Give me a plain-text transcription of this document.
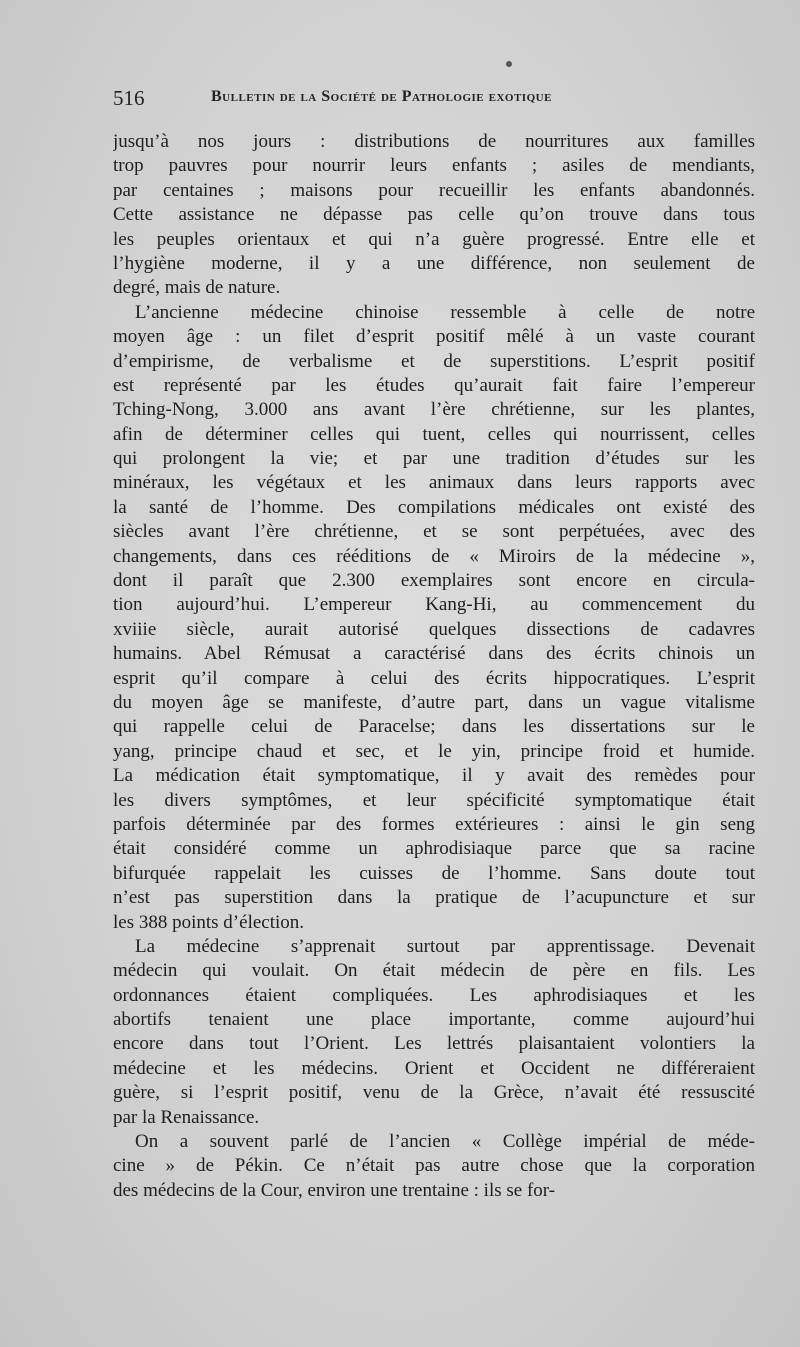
516	Bulletin de la Société de Pathologie exotique
jusqu’à nos jours : distributions de nourritures aux familles
trop pauvres pour nourrir leurs enfants ; asiles de mendiants,
par centaines ; maisons pour recueillir les enfants abandonnés.
Cette assistance ne dépasse pas celle qu’on trouve dans tous
les peuples orientaux et qui n’a guère progressé. Entre elle et
l’hygiène moderne, il y a une différence, non seulement de
degré, mais de nature.
L’ancienne médecine chinoise ressemble à celle de notre
moyen âge : un filet d’esprit positif mêlé à un vaste courant
d’empirisme, de verbalisme et de superstitions. L’esprit positif
est représenté par les études qu’aurait fait faire l’empereur
Tching-Nong, 3.000 ans avant l’ère chrétienne, sur les plantes,
afin de déterminer celles qui tuent, celles qui nourrissent, celles
qui prolongent la vie; et par une tradition d’études sur les
minéraux, les végétaux et les animaux dans leurs rapports avec
la santé de l’homme. Des compilations médicales ont existé des
siècles avant l’ère chrétienne, et se sont perpétuées, avec des
changements, dans ces rééditions de « Miroirs de la médecine »,
dont il paraît que 2.300 exemplaires sont encore en circula-
tion aujourd’hui. L’empereur Kang-Hi, au commencement du
xviiie siècle, aurait autorisé quelques dissections de cadavres
humains. Abel Rémusat a caractérisé dans des écrits chinois un
esprit qu’il compare à celui des écrits hippocratiques. L’esprit
du moyen âge se manifeste, d’autre part, dans un vague vitalisme
qui rappelle celui de Paracelse; dans les dissertations sur le
yang, principe chaud et sec, et le yin, principe froid et humide.
La médication était symptomatique, il y avait des remèdes pour
les divers symptômes, et leur spécificité symptomatique était
parfois déterminée par des formes extérieures : ainsi le gin seng
était considéré comme un aphrodisiaque parce que sa racine
bifurquée rappelait les cuisses de l’homme. Sans doute tout
n’est pas superstition dans la pratique de l’acupuncture et sur
les 388 points d’élection.
La médecine s’apprenait surtout par apprentissage. Devenait
médecin qui voulait. On était médecin de père en fils. Les
ordonnances étaient compliquées. Les aphrodisiaques et les
abortifs tenaient une place importante, comme aujourd’hui
encore dans tout l’Orient. Les lettrés plaisantaient volontiers la
médecine et les médecins. Orient et Occident ne différeraient
guère, si l’esprit positif, venu de la Grèce, n’avait été ressuscité
par la Renaissance.
On a souvent parlé de l’ancien « Collège impérial de méde-
cine » de Pékin. Ce n’était pas autre chose que la corporation
des médecins de la Cour, environ une trentaine : ils se for-
